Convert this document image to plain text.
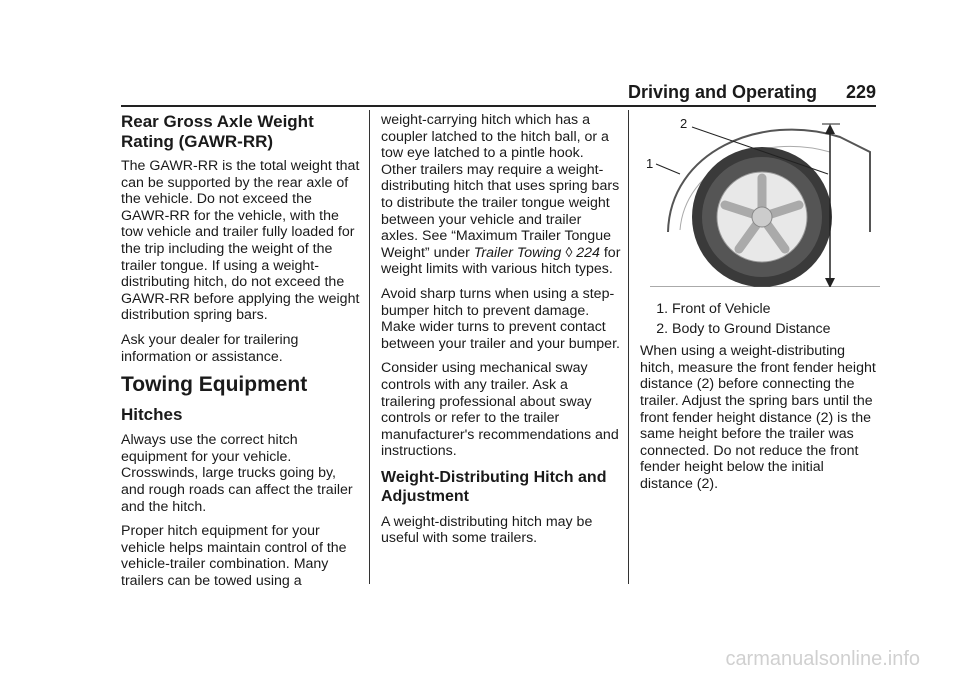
Driving and Operating 229
Rear Gross Axle Weight Rating (GAWR-RR)

The GAWR-RR is the total weight that can be supported by the rear axle of the vehicle. Do not exceed the GAWR-RR for the vehicle, with the tow vehicle and trailer fully loaded for the trip including the weight of the trailer tongue. If using a weight-distributing hitch, do not exceed the GAWR-RR before applying the weight distribution spring bars.

Ask your dealer for trailering information or assistance.

Towing Equipment
Hitches

Always use the correct hitch equipment for your vehicle. Crosswinds, large trucks going by, and rough roads can affect the trailer and the hitch.

Proper hitch equipment for your vehicle helps maintain control of the vehicle-trailer combination. Many trailers can be towed using a

weight-carrying hitch which has a coupler latched to the hitch ball, or a tow eye latched to a pintle hook. Other trailers may require a weight-distributing hitch that uses spring bars to distribute the trailer tongue weight between your vehicle and trailer axles. See “Maximum Trailer Tongue Weight” under Trailer Towing ◊ 224 for weight limits with various hitch types.

Avoid sharp turns when using a step-bumper hitch to prevent damage. Make wider turns to prevent contact between your trailer and your bumper.

Consider using mechanical sway controls with any trailer. Ask a trailering professional about sway controls or refer to the trailer manufacturer's recommendations and instructions.

Weight-Distributing Hitch and Adjustment

A weight-distributing hitch may be useful with some trailers.

2
1
1. Front of Vehicle
2. Body to Ground Distance

When using a weight-distributing hitch, measure the front fender height distance (2) before connecting the trailer. Adjust the spring bars until the front fender height distance (2) is the same height before the trailer was connected. Do not reduce the front fender height below the initial distance (2).

carmanualsonline.info
